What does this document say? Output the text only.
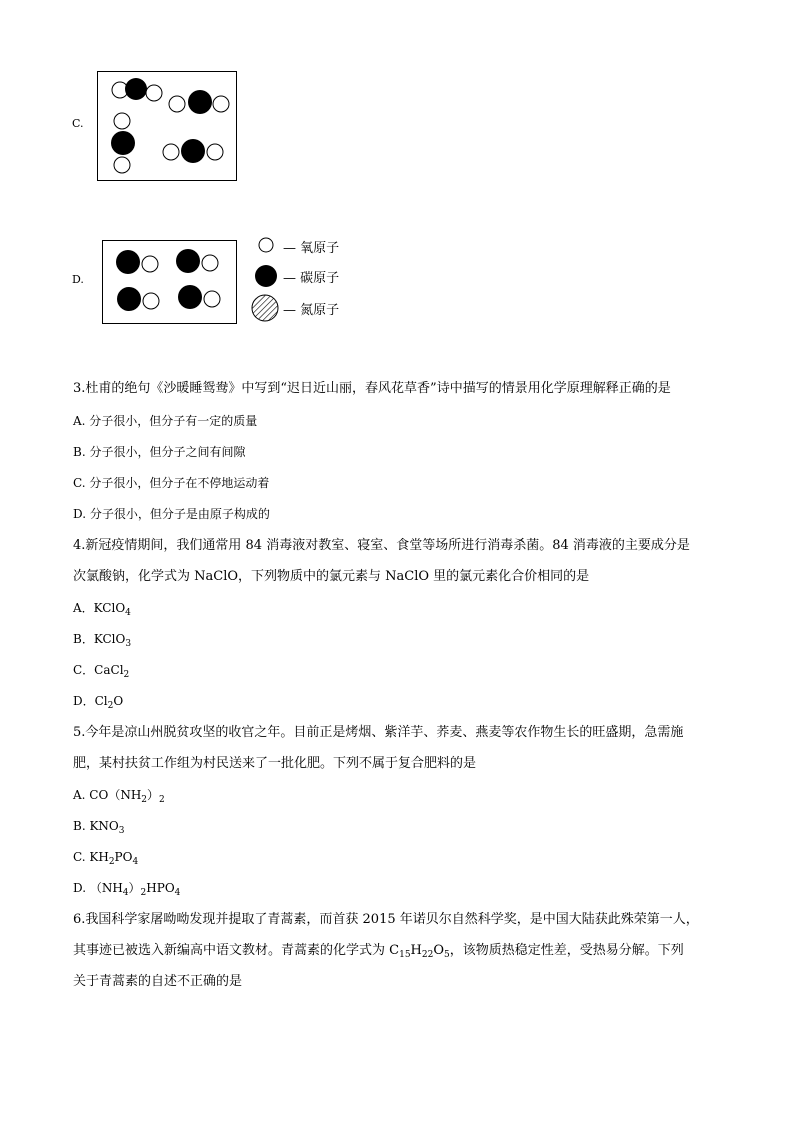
C.
D.
— 氧原子
— 碳原子
— 氮原子
3.杜甫的绝句《沙暖睡鸳鸯》中写到“迟日近山丽，春风花草香”诗中描写的情景用化学原理解释正确的是
A. 分子很小，但分子有一定的质量
B. 分子很小，但分子之间有间隙
C. 分子很小，但分子在不停地运动着
D. 分子很小，但分子是由原子构成的
4.新冠疫情期间，我们通常用 84 消毒液对教室、寝室、食堂等场所进行消毒杀菌。84 消毒液的主要成分是
次氯酸钠，化学式为 NaClO，下列物质中的氯元素与 NaClO 里的氯元素化合价相同的是
A．KClO$_4$
B．KClO$_3$
C．CaCl$_2$
D．$Cl_2O$
5.今年是凉山州脱贫攻坚的收官之年。目前正是烤烟、紫洋芋、荞麦、燕麦等农作物生长的旺盛期，急需施
肥，某村扶贫工作组为村民送来了一批化肥。下列不属于复合肥料的是
A. $CO(NH_2)_2$
B. $KNO_3$
C. $KH_2PO_4$
D. $(NH_4)_2HPO_4$
6.我国科学家屠呦呦发现并提取了青蒿素，而首获 2015 年诺贝尔自然科学奖，是中国大陆获此殊荣第一人，
其事迹已被选入新编高中语文教材。青蒿素的化学式为 $C_{15}H_{22}O_5$，该物质热稳定性差，受热易分解。下列
关于青蒿素的自述不正确的是
